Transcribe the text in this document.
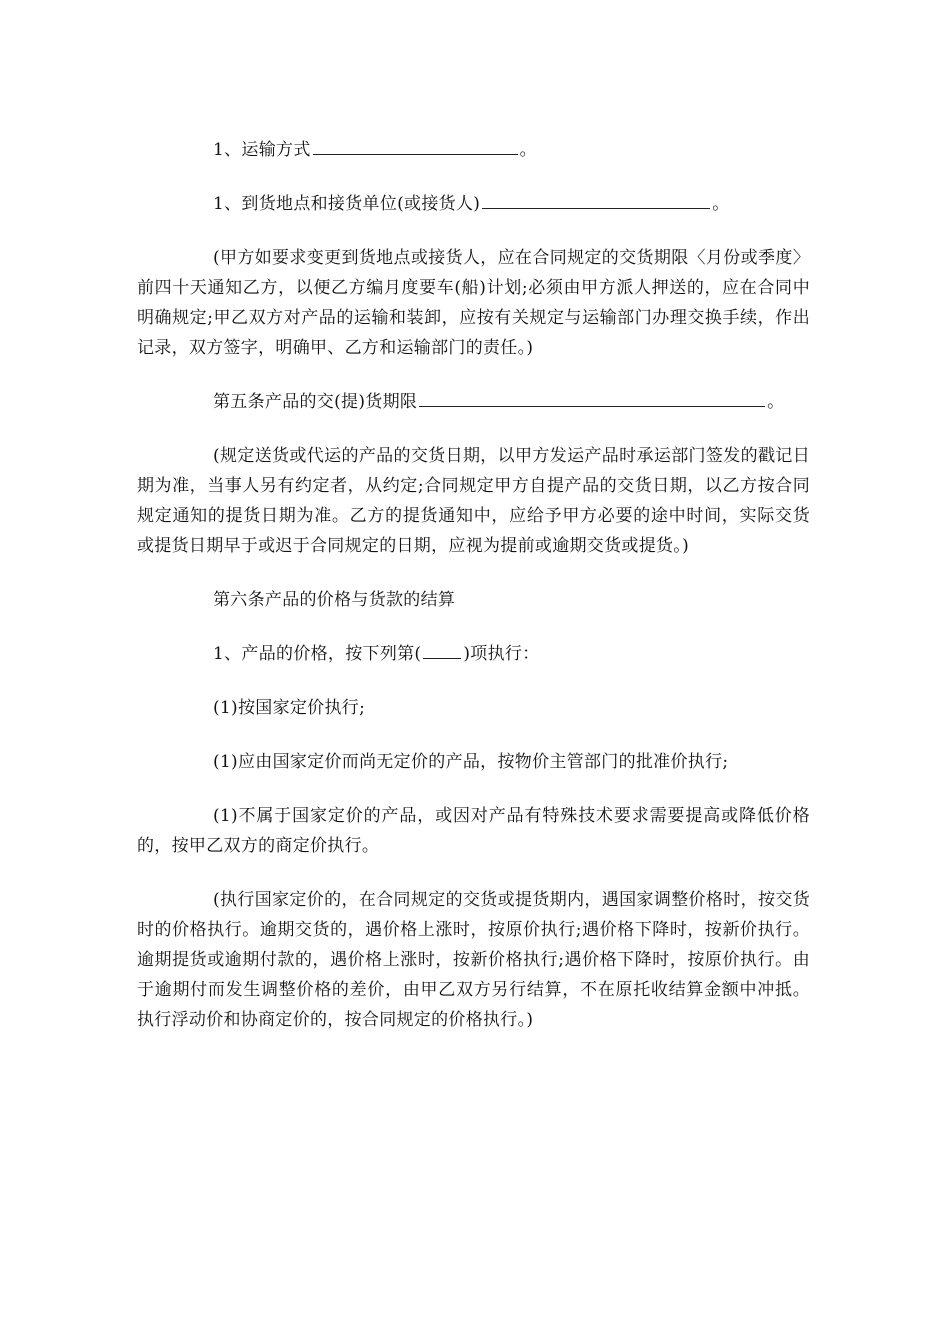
1、运输方式	。

1、到货地点和接货单位(或接货人)	。

(甲方如要求变更到货地点或接货人，应在合同规定的交货期限〈月份或季度〉前四十天通知乙方，以便乙方编月度要车(船)计划;必须由甲方派人押送的，应在合同中明确规定;甲乙双方对产品的运输和装卸，应按有关规定与运输部门办理交换手续，作出记录，双方签字，明确甲、乙方和运输部门的责任。)

第五条产品的交(提)货期限	。

(规定送货或代运的产品的交货日期，以甲方发运产品时承运部门签发的戳记日期为准，当事人另有约定者，从约定;合同规定甲方自提产品的交货日期，以乙方按合同规定通知的提货日期为准。乙方的提货通知中，应给予甲方必要的途中时间，实际交货或提货日期早于或迟于合同规定的日期，应视为提前或逾期交货或提货。)

第六条产品的价格与货款的结算

1、产品的价格，按下列第( )项执行：

(1)按国家定价执行;

(1)应由国家定价而尚无定价的产品，按物价主管部门的批准价执行;

(1)不属于国家定价的产品，或因对产品有特殊技术要求需要提高或降低价格的，按甲乙双方的商定价执行。

(执行国家定价的，在合同规定的交货或提货期内，遇国家调整价格时，按交货时的价格执行。逾期交货的，遇价格上涨时，按原价执行;遇价格下降时，按新价执行。逾期提货或逾期付款的，遇价格上涨时，按新价格执行;遇价格下降时，按原价执行。由于逾期付而发生调整价格的差价，由甲乙双方另行结算，不在原托收结算金额中冲抵。执行浮动价和协商定价的，按合同规定的价格执行。)
